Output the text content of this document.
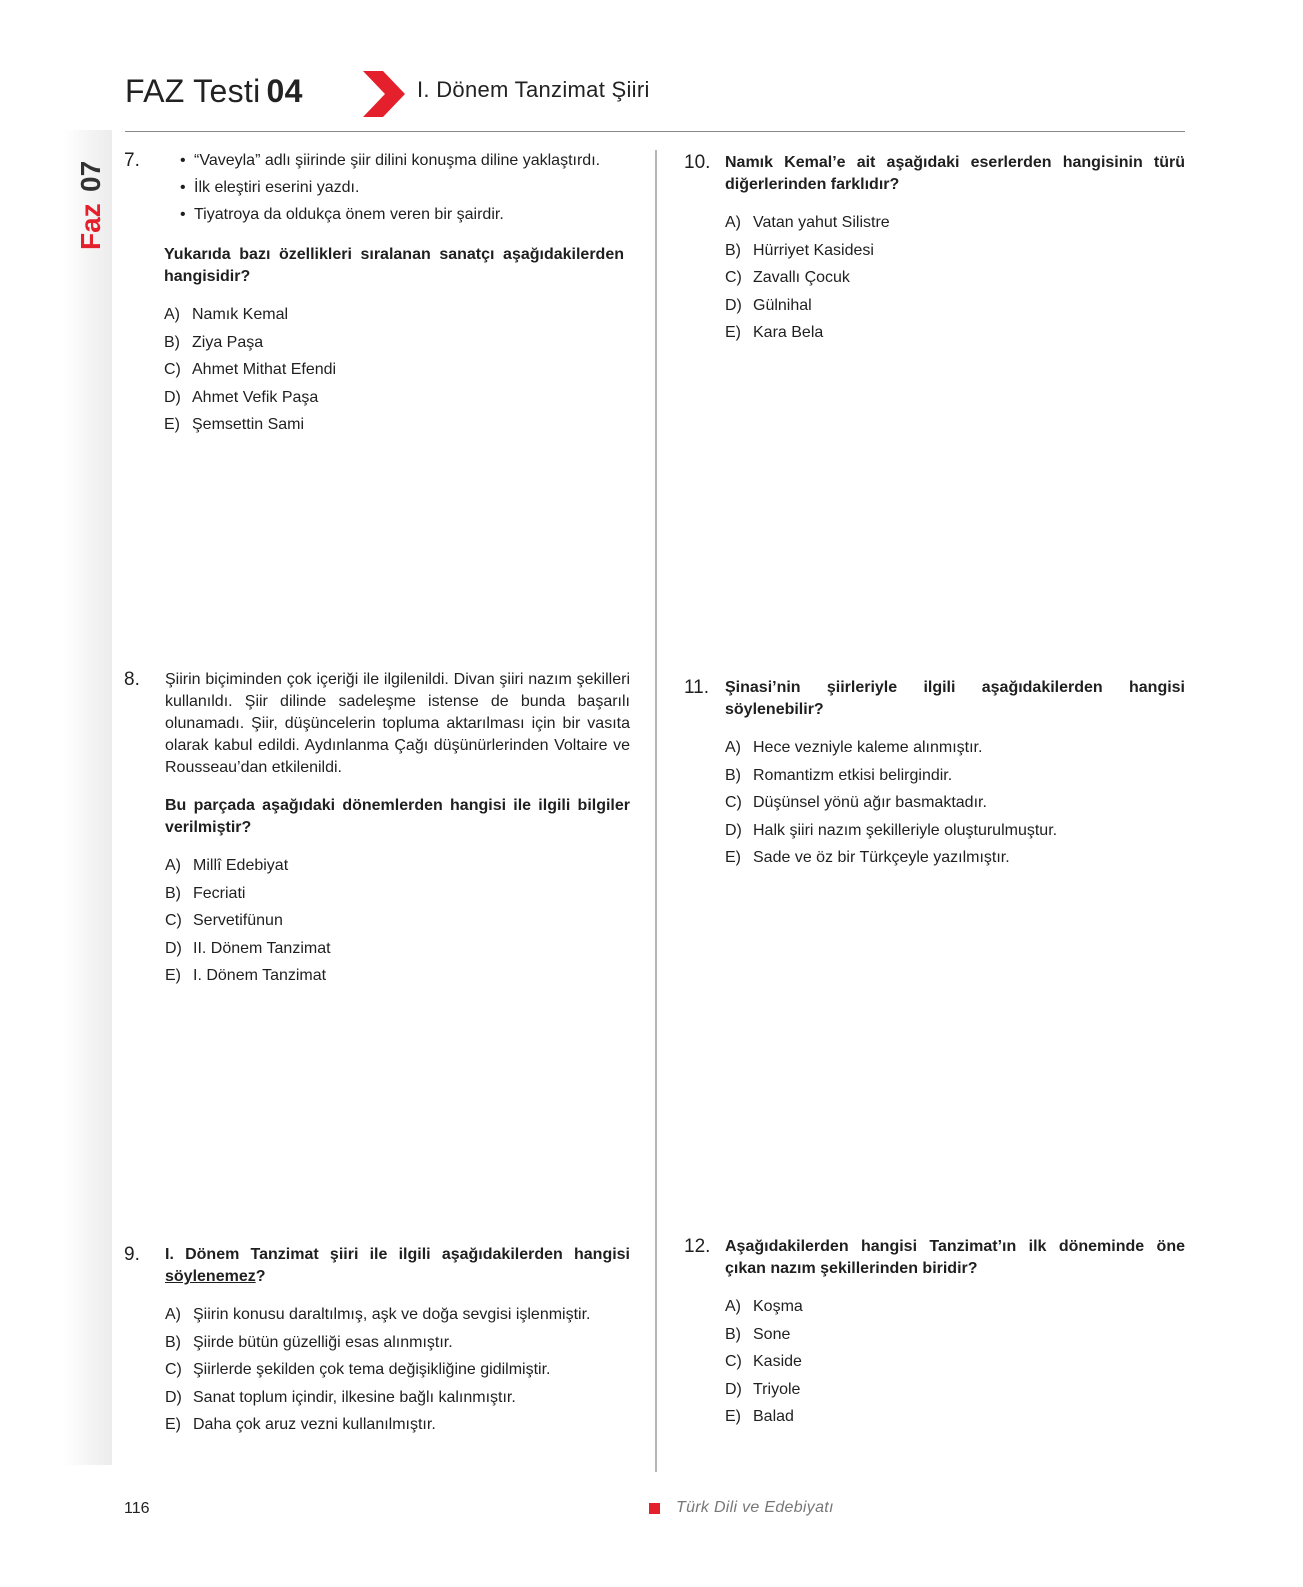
Faz
07
FAZ Testi 04	I. Dönem Tanzimat Şiiri
7.
•	“Vaveyla” adlı şiirinde şiir dilini konuşma diline yaklaştırdı.
• İlk eleştiri eserini yazdı.
• Tiyatroya da oldukça önem veren bir şairdir.
Yukarıda bazı özellikleri sıralanan sanatçı aşağıdakilerden hangisidir?
A) Namık Kemal
B) Ziya Paşa
C) Ahmet Mithat Efendi
D) Ahmet Vefik Paşa
E) Şemsettin Sami
8. Şiirin biçiminden çok içeriği ile ilgilenildi. Divan şiiri nazım şekilleri kullanıldı. Şiir dilinde sadeleşme istense de bunda başarılı olunamadı. Şiir, düşüncelerin topluma aktarılması için bir vasıta olarak kabul edildi. Aydınlanma Çağı düşünürlerinden Voltaire ve Rousseau’dan etkilenildi.
Bu parçada aşağıdaki dönemlerden hangisi ile ilgili bilgiler verilmiştir?
A) Millî Edebiyat
B) Fecriati
C) Servetifünun
D) II. Dönem Tanzimat
E) I. Dönem Tanzimat
9. I. Dönem Tanzimat şiiri ile ilgili aşağıdakilerden hangisi söylenemez?
A) Şiirin konusu daraltılmış, aşk ve doğa sevgisi işlenmiştir.
B) Şiirde bütün güzelliği esas alınmıştır.
C) Şiirlerde şekilden çok tema değişikliğine gidilmiştir.
D) Sanat toplum içindir, ilkesine bağlı kalınmıştır.
E) Daha çok aruz vezni kullanılmıştır.
10. Namık Kemal’e ait aşağıdaki eserlerden hangisinin türü diğerlerinden farklıdır?
A) Vatan yahut Silistre
B) Hürriyet Kasidesi
C) Zavallı Çocuk
D) Gülnihal
E) Kara Bela
11. Şinasi’nin şiirleriyle ilgili aşağıdakilerden hangisi söylenebilir?
A) Hece vezniyle kaleme alınmıştır.
B) Romantizm etkisi belirgindir.
C) Düşünsel yönü ağır basmaktadır.
D) Halk şiiri nazım şekilleriyle oluşturulmuştur.
E) Sade ve öz bir Türkçeyle yazılmıştır.
12. Aşağıdakilerden hangisi Tanzimat’ın ilk döneminde öne çıkan nazım şekillerinden biridir?
A) Koşma
B) Sone
C) Kaside
D) Triyole
E) Balad
116	Türk Dili ve Edebiyatı
